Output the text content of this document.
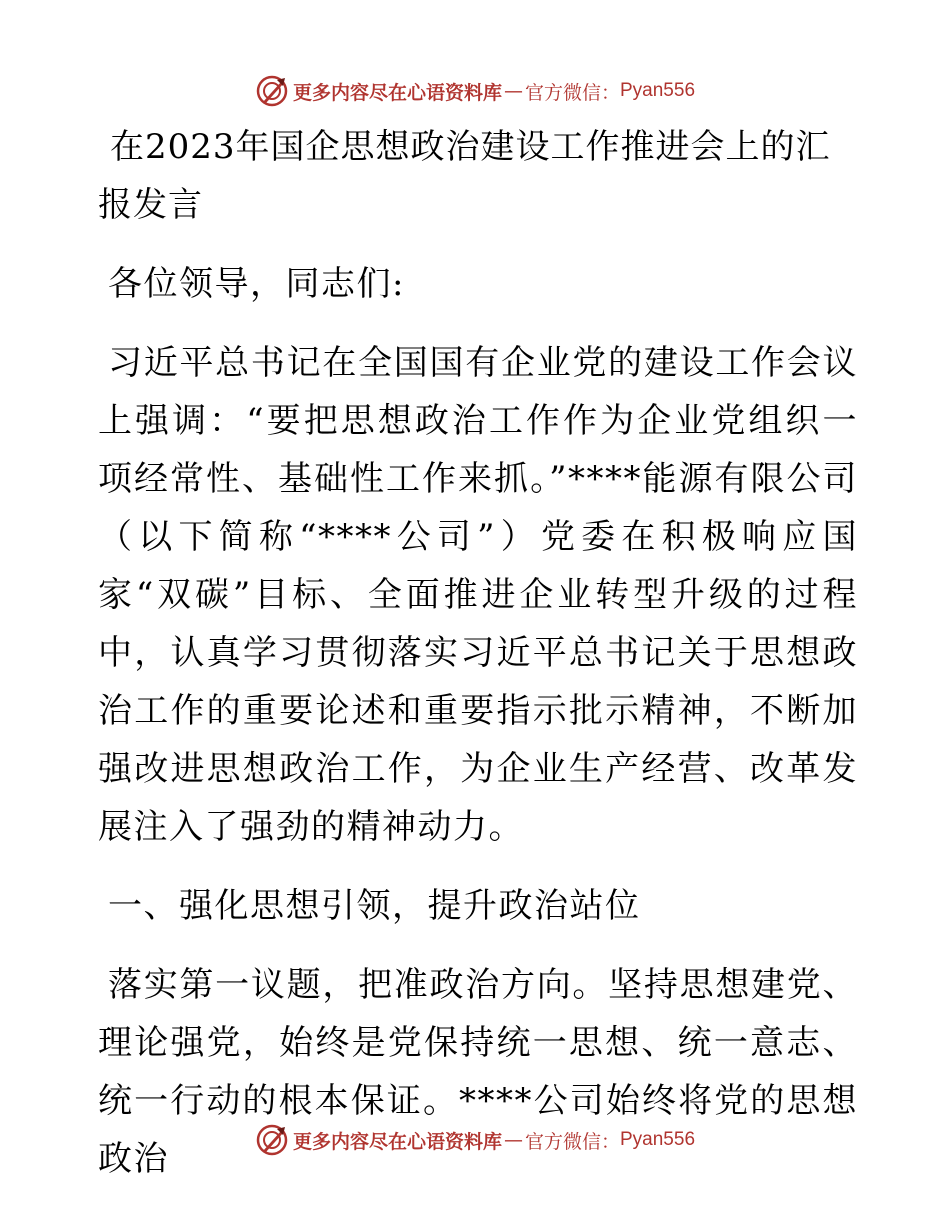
更多内容尽在心语资料库 — 官方微信： Pyan556

在2023年国企思想政治建设工作推进会上的汇报发言

各位领导，同志们:

习近平总书记在全国国有企业党的建设工作会议上强调：“要把思想政治工作作为企业党组织一项经常性、基础性工作来抓。”****能源有限公司（以下简称“****公司”）党委在积极响应国家“双碳”目标、全面推进企业转型升级的过程中，认真学习贯彻落实习近平总书记关于思想政治工作的重要论述和重要指示批示精神，不断加强改进思想政治工作，为企业生产经营、改革发展注入了强劲的精神动力。

一、强化思想引领，提升政治站位

落实第一议题，把准政治方向。坚持思想建党、理论强党，始终是党保持统一思想、统一意志、统一行动的根本保证。****公司始终将党的思想政治	更多内容尽在心语资料库 — 官方微信： Pyan556
